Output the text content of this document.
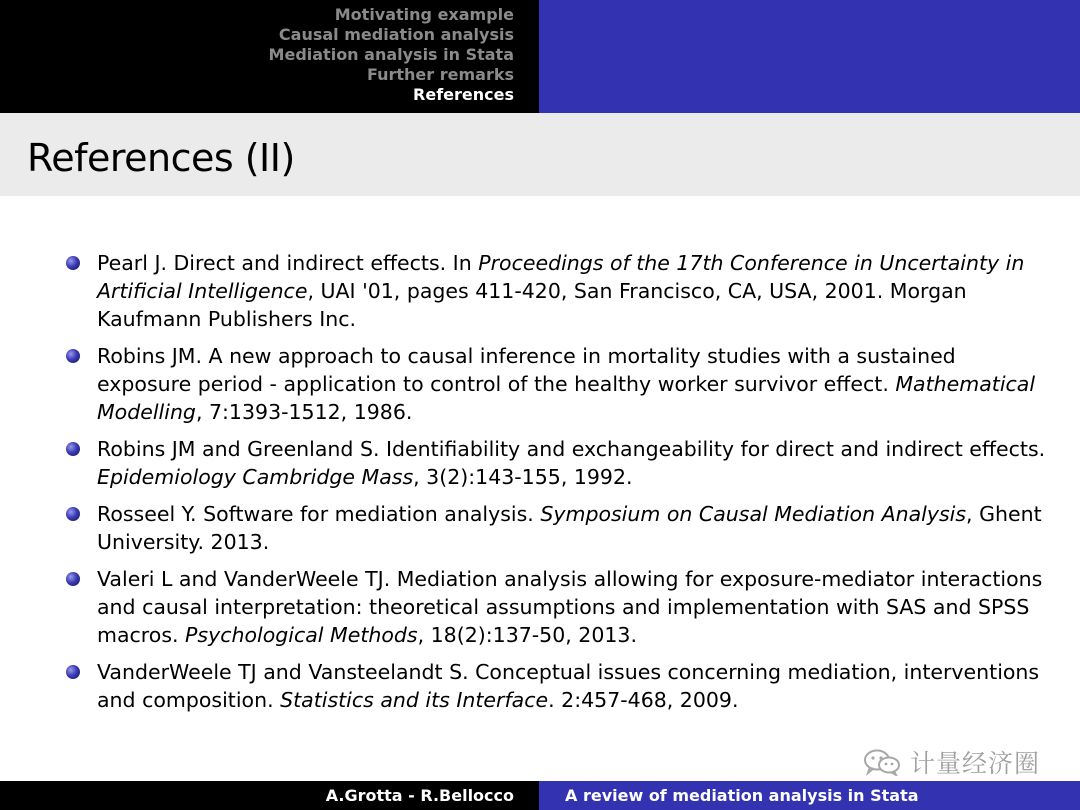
Motivating example
Causal mediation analysis
Mediation analysis in Stata
Further remarks
References
References (II)
Pearl J. Direct and indirect effects. In Proceedings of the 17th Conference in Uncertainty in Artificial Intelligence, UAI '01, pages 411-420, San Francisco, CA, USA, 2001. Morgan Kaufmann Publishers Inc.
Robins JM. A new approach to causal inference in mortality studies with a sustained exposure period - application to control of the healthy worker survivor effect. Mathematical Modelling, 7:1393-1512, 1986.
Robins JM and Greenland S. Identifiability and exchangeability for direct and indirect effects. Epidemiology Cambridge Mass, 3(2):143-155, 1992.
Rosseel Y. Software for mediation analysis. Symposium on Causal Mediation Analysis, Ghent University. 2013.
Valeri L and VanderWeele TJ. Mediation analysis allowing for exposure-mediator interactions and causal interpretation: theoretical assumptions and implementation with SAS and SPSS macros. Psychological Methods, 18(2):137-50, 2013.
VanderWeele TJ and Vansteelandt S. Conceptual issues concerning mediation, interventions and composition. Statistics and its Interface. 2:457-468, 2009.
计量经济圈
A.Grotta - R.Bellocco	A review of mediation analysis in Stata
